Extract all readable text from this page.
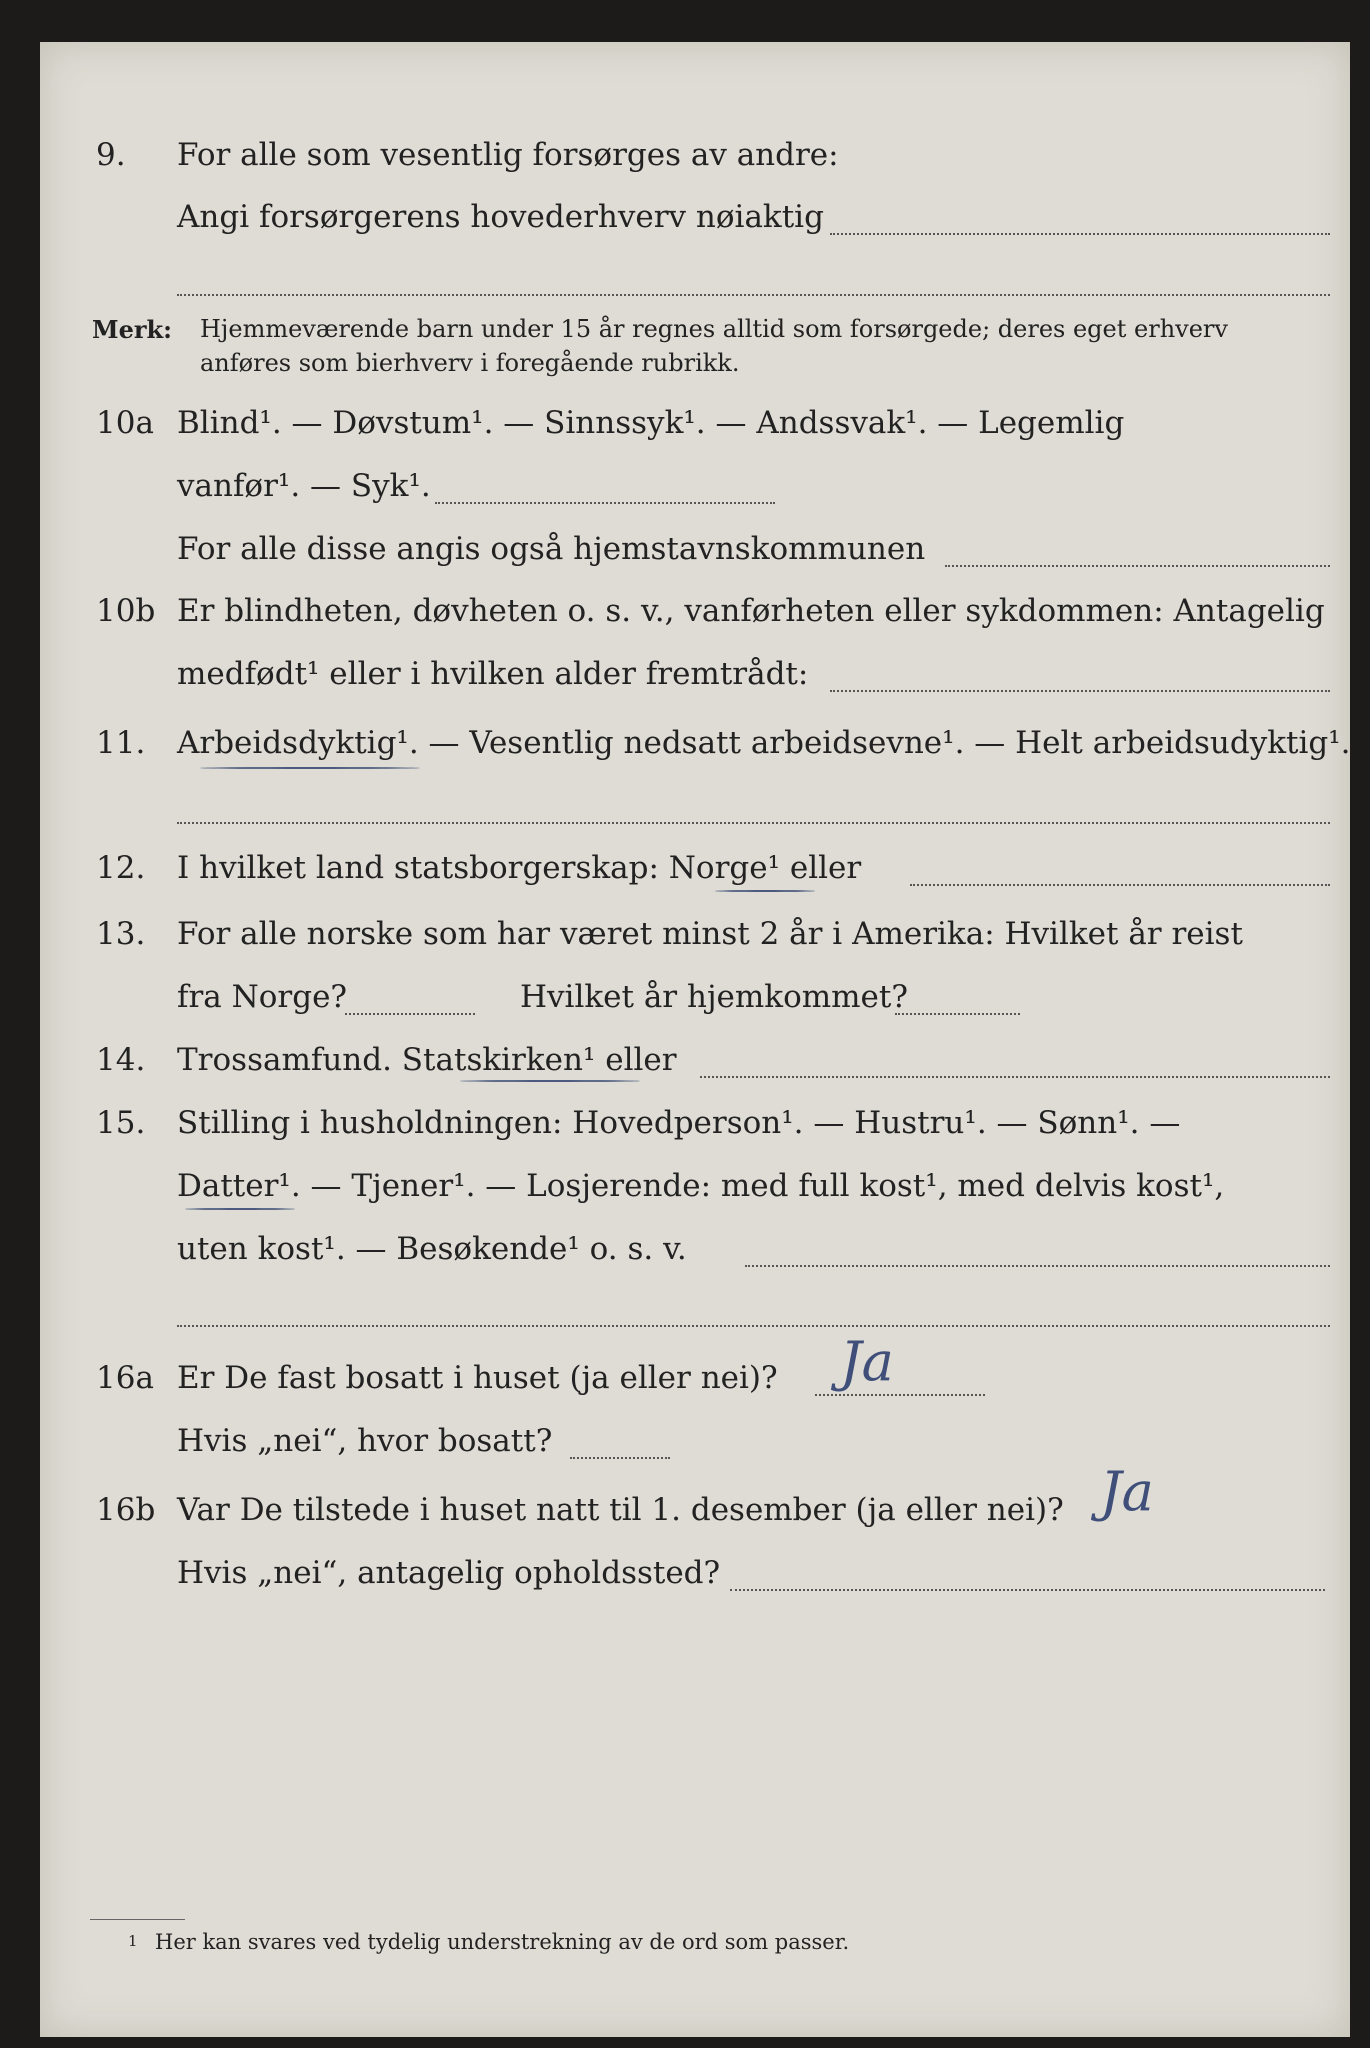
9. For alle som vesentlig forsørges av andre:
Angi forsørgerens hovederhverv nøiaktig
Merk: Hjemmeværende barn under 15 år regnes alltid som forsørgede; deres eget erhverv
anføres som bierhverv i foregående rubrikk.
10a Blind¹. — Døvstum¹. — Sinnssyk¹. — Andssvak¹. — Legemlig
vanfør¹. — Syk¹.
For alle disse angis også hjemstavnskommunen
10b Er blindheten, døvheten o. s. v., vanførheten eller sykdommen: Antagelig
medfødt¹ eller i hvilken alder fremtrådt:
11. Arbeidsdyktig¹. — Vesentlig nedsatt arbeidsevne¹. — Helt arbeidsudyktig¹.
12. I hvilket land statsborgerskap: Norge¹ eller
13. For alle norske som har været minst 2 år i Amerika: Hvilket år reist
fra Norge?	Hvilket år hjemkommet?
14. Trossamfund. Statskirken¹ eller
15. Stilling i husholdningen: Hovedperson¹. — Hustru¹. — Sønn¹. —
Datter¹. — Tjener¹. — Losjerende: med full kost¹, med delvis kost¹,
uten kost¹. — Besøkende¹ o. s. v.
16a Er De fast bosatt i huset (ja eller nei)? Ja
Hvis „nei“, hvor bosatt?
16b Var De tilstede i huset natt til 1. desember (ja eller nei)? Ja
Hvis „nei“, antagelig opholdssted?
1 Her kan svares ved tydelig understrekning av de ord som passer.
